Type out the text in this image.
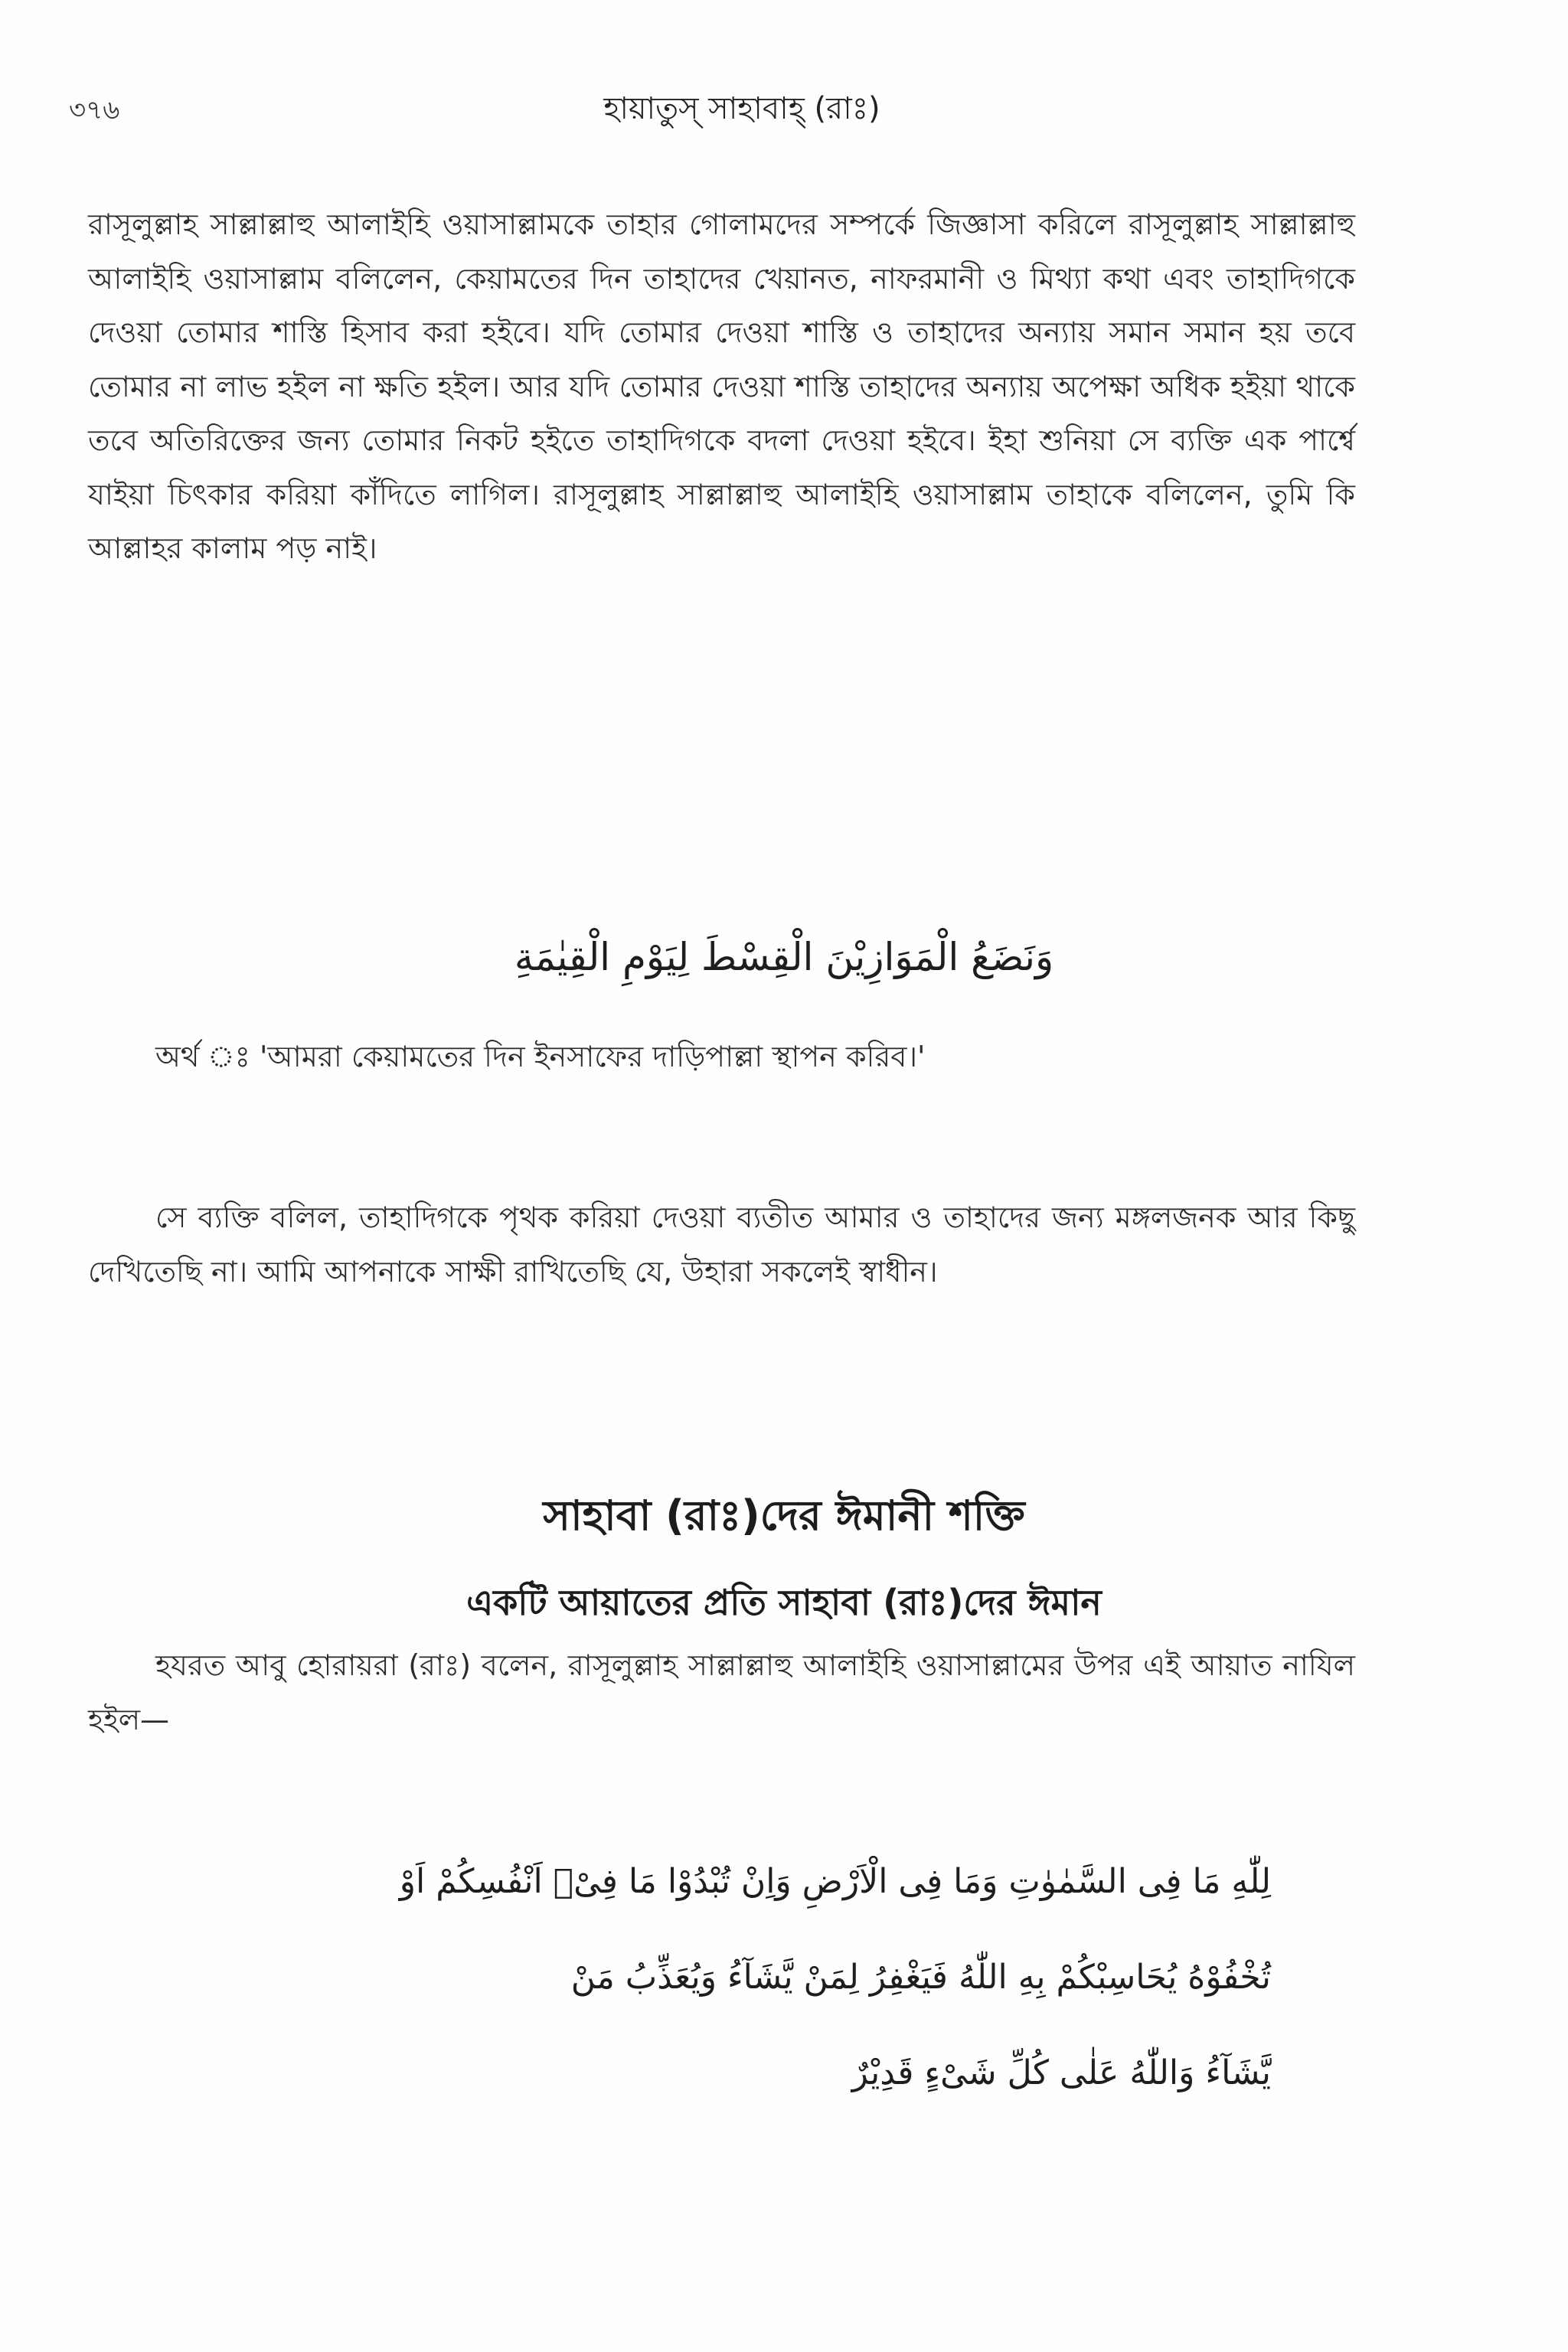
৩৭৬	হায়াতুস্‌ সাহাবাহ্‌ (রাঃ)

রাসূলুল্লাহ সাল্লাল্লাহু আলাইহি ওয়াসাল্লামকে তাহার গোলামদের সম্পর্কে জিজ্ঞাসা করিলে রাসূলুল্লাহ সাল্লাল্লাহু আলাইহি ওয়াসাল্লাম বলিলেন, কেয়ামতের দিন তাহাদের খেয়ানত, নাফরমানী ও মিথ্যা কথা এবং তাহাদিগকে দেওয়া তোমার শাস্তি হিসাব করা হইবে। যদি তোমার দেওয়া শাস্তি ও তাহাদের অন্যায় সমান সমান হয় তবে তোমার না লাভ হইল না ক্ষতি হইল। আর যদি তোমার দেওয়া শাস্তি তাহাদের অন্যায় অপেক্ষা অধিক হইয়া থাকে তবে অতিরিক্তের জন্য তোমার নিকট হইতে তাহাদিগকে বদলা দেওয়া হইবে। ইহা শুনিয়া সে ব্যক্তি এক পার্শ্বে যাইয়া চিৎকার করিয়া কাঁদিতে লাগিল। রাসূলুল্লাহ সাল্লাল্লাহু আলাইহি ওয়াসাল্লাম তাহাকে বলিলেন, তুমি কি আল্লাহর কালাম পড় নাই।

وَنَضَعُ الْمَوَازِيْنَ الْقِسْطَ لِيَوْمِ الْقِيٰمَةِ

অর্থ ঃ 'আমরা কেয়ামতের দিন ইনসাফের দাড়িপাল্লা স্থাপন করিব।'

সে ব্যক্তি বলিল, তাহাদিগকে পৃথক করিয়া দেওয়া ব্যতীত আমার ও তাহাদের জন্য মঙ্গলজনক আর কিছু দেখিতেছি না। আমি আপনাকে সাক্ষী রাখিতেছি যে, উহারা সকলেই স্বাধীন।

সাহাবা (রাঃ)দের ঈমানী শক্তি
একটি আয়াতের প্রতি সাহাবা (রাঃ)দের ঈমান

হযরত আবু হোরায়রা (রাঃ) বলেন, রাসূলুল্লাহ সাল্লাল্লাহু আলাইহি ওয়াসাল্লামের উপর এই আয়াত নাযিল হইল—

لِلّٰهِ مَا فِى السَّمٰوٰتِ وَمَا فِى الْاَرْضِ وَاِنْ تُبْدُوْا مَا فِىْۤ اَنْفُسِكُمْ اَوْ
تُخْفُوْهُ يُحَاسِبْكُمْ بِهِ اللّٰهُ فَيَغْفِرُ لِمَنْ يَّشَآءُ وَيُعَذِّبُ مَنْ
يَّشَآءُ وَاللّٰهُ عَلٰى كُلِّ شَىْءٍ قَدِيْرٌ
